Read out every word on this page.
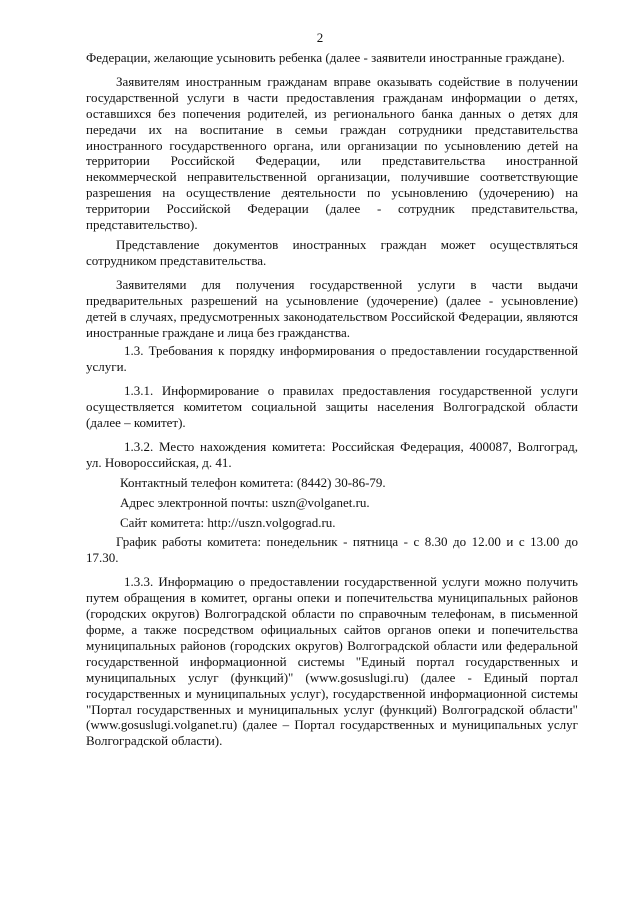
2

Федерации, желающие усыновить ребенка (далее - заявители иностранные граждане).

Заявителям иностранным гражданам вправе оказывать содействие в получении государственной услуги в части предоставления гражданам информации о детях, оставшихся без попечения родителей, из регионального банка данных о детях для передачи их на воспитание в семьи граждан сотрудники представительства иностранного государственного органа, или организации по усыновлению детей на территории Российской Федерации, или представительства иностранной некоммерческой неправительственной организации, получившие соответствующие разрешения на осуществление деятельности по усыновлению (удочерению) на территории Российской Федерации (далее - сотрудник представительства, представительство).

Представление документов иностранных граждан может осуществляться сотрудником представительства.

Заявителями для получения государственной услуги в части выдачи предварительных разрешений на усыновление (удочерение) (далее - усыновление) детей в случаях, предусмотренных законодательством Российской Федерации, являются иностранные граждане и лица без гражданства.

1.3. Требования к порядку информирования о предоставлении государственной услуги.

1.3.1. Информирование о правилах предоставления государственной услуги осуществляется комитетом социальной защиты населения Волгоградской области (далее – комитет).

1.3.2. Место нахождения комитета: Российская Федерация, 400087, Волгоград, ул. Новороссийская, д. 41.

Контактный телефон комитета: (8442) 30-86-79.

Адрес электронной почты: uszn@volganet.ru.

Сайт комитета: http://uszn.volgograd.ru.

График работы комитета: понедельник - пятница - с 8.30 до 12.00 и с 13.00 до 17.30.

1.3.3. Информацию о предоставлении государственной услуги можно получить путем обращения в комитет, органы опеки и попечительства муниципальных районов (городских округов) Волгоградской области по справочным телефонам, в письменной форме, а также посредством официальных сайтов органов опеки и попечительства муниципальных районов (городских округов) Волгоградской области или федеральной государственной информационной системы "Единый портал государственных и муниципальных услуг (функций)" (www.gosuslugi.ru) (далее - Единый портал государственных и муниципальных услуг), государственной информационной системы "Портал государственных и муниципальных услуг (функций) Волгоградской области" (www.gosuslugi.volganet.ru) (далее – Портал государственных и муниципальных услуг Волгоградской области).
